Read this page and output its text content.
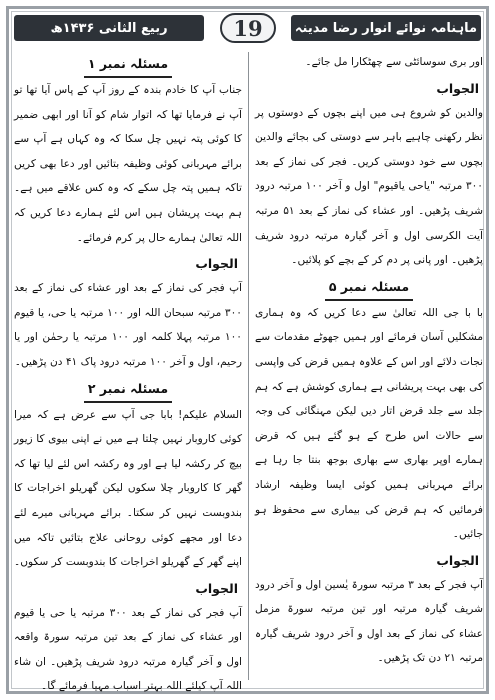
ماہنامہ نوائے انوار رضا مدینہ
19
ربیع الثانی ۱۴۳۶ھ

اور بری سوسائٹی سے چھٹکارا مل جائے۔

الجواب

والدین کو شروع ہی میں اپنے بچوں کے دوستوں پر نظر رکھنی چاہیے باہر سے دوستی کی بجائے والدین بچوں سے خود دوستی کریں۔ فجر کی نماز کے بعد ۳۰۰ مرتبہ "یاحی یاقیوم" اول و آخر ۱۰۰ مرتبہ درود شریف پڑھیں۔ اور عشاء کی نماز کے بعد ۵۱ مرتبہ آیت الکرسی اول و آخر گیارہ مرتبہ درود شریف پڑھیں۔ اور پانی پر دم کر کے بچے کو پلائیں۔

مسئلہ نمبر ۵

با با جی اللہ تعالیٰ سے دعا کریں کہ وہ ہماری مشکلیں آسان فرمائے اور ہمیں جھوٹے مقدمات سے نجات دلائے اور اس کے علاوہ ہمیں قرض کی واپسی کی بھی بہت پریشانی ہے ہماری کوشش ہے کہ ہم جلد سے جلد قرض اتار دیں لیکن مہنگائی کی وجہ سے حالات اس طرح کے ہو گئے ہیں کہ قرض ہمارے اوپر بھاری سے بھاری بوجھ بنتا جا رہا ہے برائے مہربانی ہمیں کوئی ایسا وظیفہ ارشاد فرمائیں کہ ہم قرض کی بیماری سے محفوظ ہو جائیں۔

الجواب

آپ فجر کے بعد ۳ مرتبہ سورۃ یٰسین اول و آخر درود شریف گیارہ مرتبہ اور تین مرتبہ سورۃ مزمل عشاء کی نماز کے بعد اول و آخر درود شریف گیارہ مرتبہ ۲۱ دن تک پڑھیں۔

مسئلہ نمبر ۱

جناب آپ کا خادم بندہ کے روز آپ کے پاس آیا تھا تو آپ نے فرمایا تھا کہ اتوار شام کو آنا اور ابھی ضمیر کا کوئی پتہ نہیں چل سکا کہ وہ کہاں ہے آپ سے برائے مہربانی کوئی وظیفہ بتائیں اور دعا بھی کریں تاکہ ہمیں پتہ چل سکے کہ وہ کس علاقے میں ہے۔ ہم بہت پریشان ہیں اس لئے ہمارے دعا کریں کہ اللہ تعالیٰ ہمارے حال پر کرم فرمائے۔

الجواب

آپ فجر کی نماز کے بعد اور عشاء کی نماز کے بعد ۳۰۰ مرتبہ سبحان اللہ اور ۱۰۰ مرتبہ یا حی، یا قیوم ۱۰۰ مرتبہ پہلا کلمہ اور ۱۰۰ مرتبہ یا رحمٰن اور یا رحیم، اول و آخر ۱۰۰ مرتبہ درود پاک ۴۱ دن پڑھیں۔

مسئلہ نمبر ۲

السلام علیکم! بابا جی آپ سے عرض ہے کہ میرا کوئی کاروبار نہیں چلتا ہے میں نے اپنی بیوی کا زیور بیچ کر رکشہ لیا ہے اور وہ رکشہ اس لئے لیا تھا کہ گھر کا کاروبار چلا سکوں لیکن گھریلو اخراجات کا بندوبست نہیں کر سکتا۔ برائے مہربانی میرے لئے دعا اور مجھے کوئی روحانی علاج بتائیں تاکہ میں اپنے گھر کے گھریلو اخراجات کا بندوبست کر سکوں۔

الجواب

آپ فجر کی نماز کے بعد ۳۰۰ مرتبہ یا حی یا قیوم اور عشاء کی نماز کے بعد تین مرتبہ سورۃ واقعہ اول و آخر گیارہ مرتبہ درود شریف پڑھیں۔ ان شاء اللہ آپ کیلئے اللہ بہتر اسباب مہیا فرمائے گا۔
